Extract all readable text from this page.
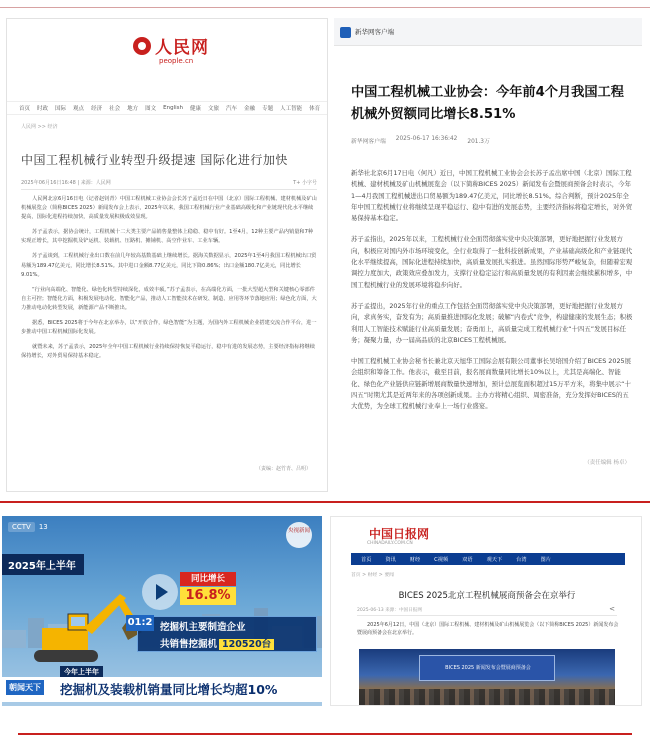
人民网
people.cn
首页 时政 国际 观点 经济 社会 地方 图文 English 健康 文旅 汽车 金融 专题 人工智能 体育
人民网 >> 经济
中国工程机械行业转型升级提速 国际化进行加快
2025年06月16日16:48 | 来源：人民网	T+ 小字号

人民网北京6月16日电（记者赵钊青）中国工程机械工业协会会长苏子孟近日在中国（北京）国际工程机械、建材机械及矿山机械展览会（简称BICES 2025）新闻发布会上表示，2025年以来，我国工程机械行业产业基础高级化和产业链现代化水平继续提高，国际化进程持续加快，高质量发展积极成效显现。

苏子孟表示，据协会统计，工程机械十二大类主要产品销售量整体上稳稳、稳中有好。1至4月，12种主要产品内销量和7种实现正增长，其中挖掘机及铲运机、装载机、压路机、摊铺机、高空作业车、工业车辆。

苏子孟谈到，工程机械行业出口数在前几年较高基数基础上继续增长。据海关数据显示，2025年1至4月我国工程机械出口贸易额为189.47亿美元，同比增长8.51%。其中进口金额8.77亿美元，同比下降0.86%；出口金额180.7亿美元，同比增长9.01%。

“行业向高端化、智能化、绿色化转型持续深化，成效丰硕。”苏子孟表示，在高端化方面，一批大型超大型和关键核心零部件自主可控；智能化方面，积极发展电动化、智能化产品，推动人工智能技术在研发、制造、应用等环节落地应用；绿色化方面，大力推动电动化转型发展，新能源产品不断推出。

据悉，BICES 2025将于今年在北京举办，以“开放合作，绿色智能”为主题，为国内外工程机械企业搭建交流合作平台，进一步推动中国工程机械国际化发展。

就暨未来，苏子孟表示，2025年全年中国工程机械行业持续保持恢复平稳运行，稳中有进的发展态势，主要经济指标将继续保持增长，对外贸易保持基本稳定。

（责编：赵竹青、吕明）
新华网客户端
中国工程机械工业协会：今年前4个月我国工程机械外贸额同比增长8.51%
新华网客户端 2025-06-17 16:36:42 201.3万

新华社北京6月17日电（何凡）近日，中国工程机械工业协会会长苏子孟出席中国（北京）国际工程机械、建材机械及矿山机械展览会（以下简称BICES 2025）新闻发布会暨展商预备会时表示，今年1—4月我国工程机械进出口贸易额为189.47亿美元，同比增长8.51%。综合判断，预计2025年全年中国工程机械行业将继续呈现平稳运行、稳中有进的发展态势，主要经济指标将稳定增长，对外贸易保持基本稳定。

苏子孟指出，2025年以来，工程机械行业全面贯彻落实党中央决策部署，更好地把握行业发展方向，积极应对国内外市场环境变化，全行业取得了一批科技创新成果，产业基础高级化和产业链现代化水平继续提高，国际化进程持续加快，高质量发展扎实推进。虽然国际形势严峻复杂，但随着宏观调控力度加大，政策效应叠加发力，支撑行业稳定运行和高质量发展的有利因素会继续累积增多，中国工程机械行业的发展环境将稳步向好。

苏子孟提出，2025年行业的重点工作包括全面贯彻落实党中央决策部署，更好地把握行业发展方向，求真务实，奋发有为；高质量推进国际化发展；破解“内卷式”竞争，构建健康的发展生态；积极利用人工智能技术赋能行业高质量发展；奋勇而上，高质量完成工程机械行业“十四五”发展目标任务；凝聚力量，办一届高品质的北京BICES工程机械展。

中国工程机械工业协会秘书长兼北京天旭华工国际会展有限公司董事长吴培国介绍了BICES 2025展会组织和筹备工作。他表示，截至目前，报名展商数量同比增长10%以上，尤其是高端化、智能化、绿色化产业链供应链新增展商数量快速增加，预计总展览面积超过15万平方米，将集中展示“十四五”时期尤其是近两年来的各项创新成果。主办方将精心组织、周密准备，充分发挥好BICES的五大优势，为全球工程机械行业奉上一场行业盛宴。

（责任编辑 杨卓）
CCTV	13	央视新闻
2025年上半年
同比增长
16.8%
01:2 挖掘机主要制造企业
共销售挖掘机 120520台
今年上半年
朝闻天下 挖掘机及装载机销量同比增长均超10%
中国日报网
CHINADAILY.COM.CN
首页	资讯	财经	C视频	双语	观天下	台湾	图片
首页 > 财经 > 要闻
BICES 2025北京工程机械展商预备会在京举行
2025-06-13 来源：中国日报网	<
2025年6月12日，中国（北京）国际工程机械、建材机械及矿山机械展览会（以下简称BICES 2025）新闻发布会暨展商预备会在北京举行。
BICES 2025 新闻发布会暨展商预备会
